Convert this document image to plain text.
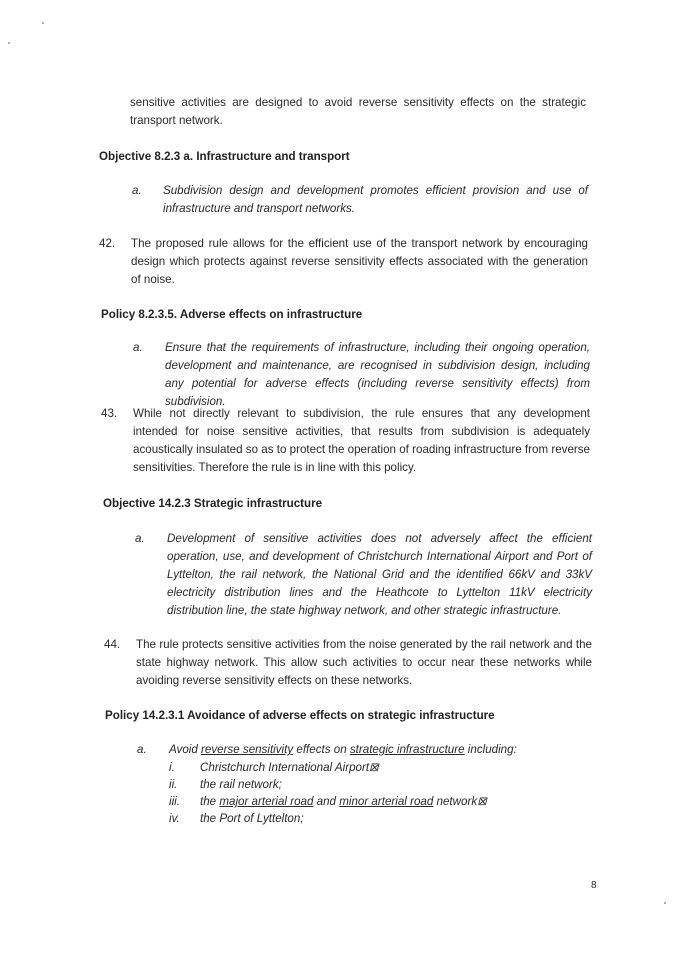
sensitive activities are designed to avoid reverse sensitivity effects on the strategic transport network.
Objective 8.2.3 a. Infrastructure and transport
a. Subdivision design and development promotes efficient provision and use of infrastructure and transport networks.
42. The proposed rule allows for the efficient use of the transport network by encouraging design which protects against reverse sensitivity effects associated with the generation of noise.
Policy 8.2.3.5. Adverse effects on infrastructure
a. Ensure that the requirements of infrastructure, including their ongoing operation, development and maintenance, are recognised in subdivision design, including any potential for adverse effects (including reverse sensitivity effects) from subdivision.
43. While not directly relevant to subdivision, the rule ensures that any development intended for noise sensitive activities, that results from subdivision is adequately acoustically insulated so as to protect the operation of roading infrastructure from reverse sensitivities. Therefore the rule is in line with this policy.
Objective 14.2.3 Strategic infrastructure
a. Development of sensitive activities does not adversely affect the efficient operation, use, and development of Christchurch International Airport and Port of Lyttelton, the rail network, the National Grid and the identified 66kV and 33kV electricity distribution lines and the Heathcote to Lyttelton 11kV electricity distribution line, the state highway network, and other strategic infrastructure.
44. The rule protects sensitive activities from the noise generated by the rail network and the state highway network. This allow such activities to occur near these networks while avoiding reverse sensitivity effects on these networks.
Policy 14.2.3.1 Avoidance of adverse effects on strategic infrastructure
a. Avoid reverse sensitivity effects on strategic infrastructure including:
i. Christchurch International Airport⊠
ii. the rail network;
iii. the major arterial road and minor arterial road network⊠
iv. the Port of Lyttelton;
8
